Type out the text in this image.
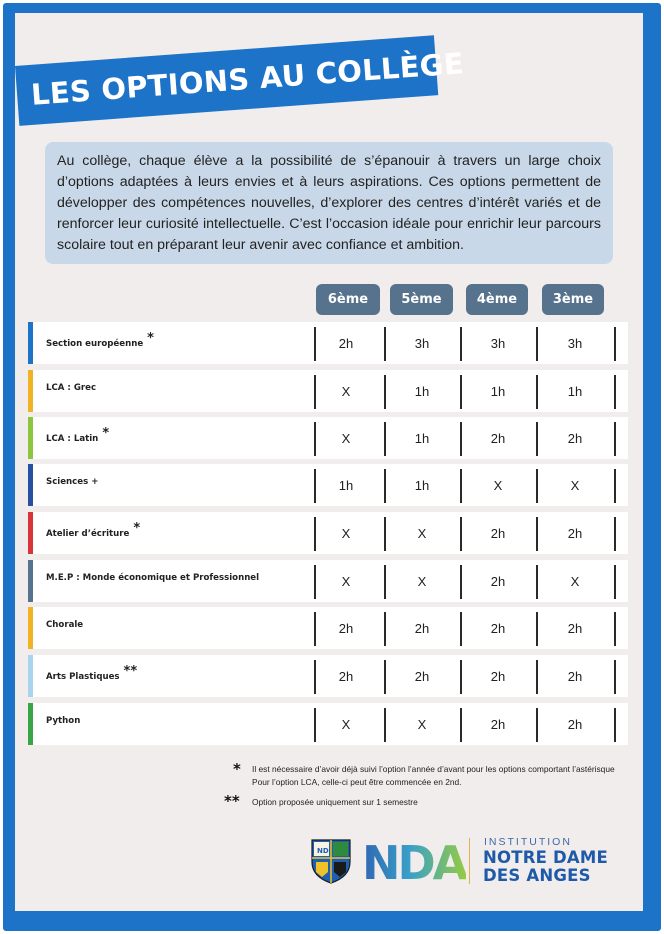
LES OPTIONS AU COLLÈGE

Au collège, chaque élève a la possibilité de s’épanouir à travers un large choix d’options adaptées à leurs envies et à leurs aspirations. Ces options permettent de développer des compétences nouvelles, d’explorer des centres d’intérêt variés et de renforcer leur curiosité intellectuelle. C’est l’occasion idéale pour enrichir leur parcours scolaire tout en préparant leur avenir avec confiance et ambition.

6ème	5ème	4ème	3ème
Section européenne *	2h	3h	3h	3h
LCA : Grec	X	1h	1h	1h
LCA : Latin *	X	1h	2h	2h
Sciences +	1h	1h	X	X
Atelier d’écriture *	X	X	2h	2h
M.E.P : Monde économique et Professionnel	X	X	2h	X
Chorale	2h	2h	2h	2h
Arts Plastiques **	2h	2h	2h	2h
Python	X	X	2h	2h
* Il est nécessaire d’avoir déjà suivi l’option l’année d’avant pour les options comportant l’astérisque
Pour l’option LCA, celle-ci peut être commencée en 2nd.
** Option proposée uniquement sur 1 semestre
ND NDA	INSTITUTION
NOTRE DAME
DES ANGES
